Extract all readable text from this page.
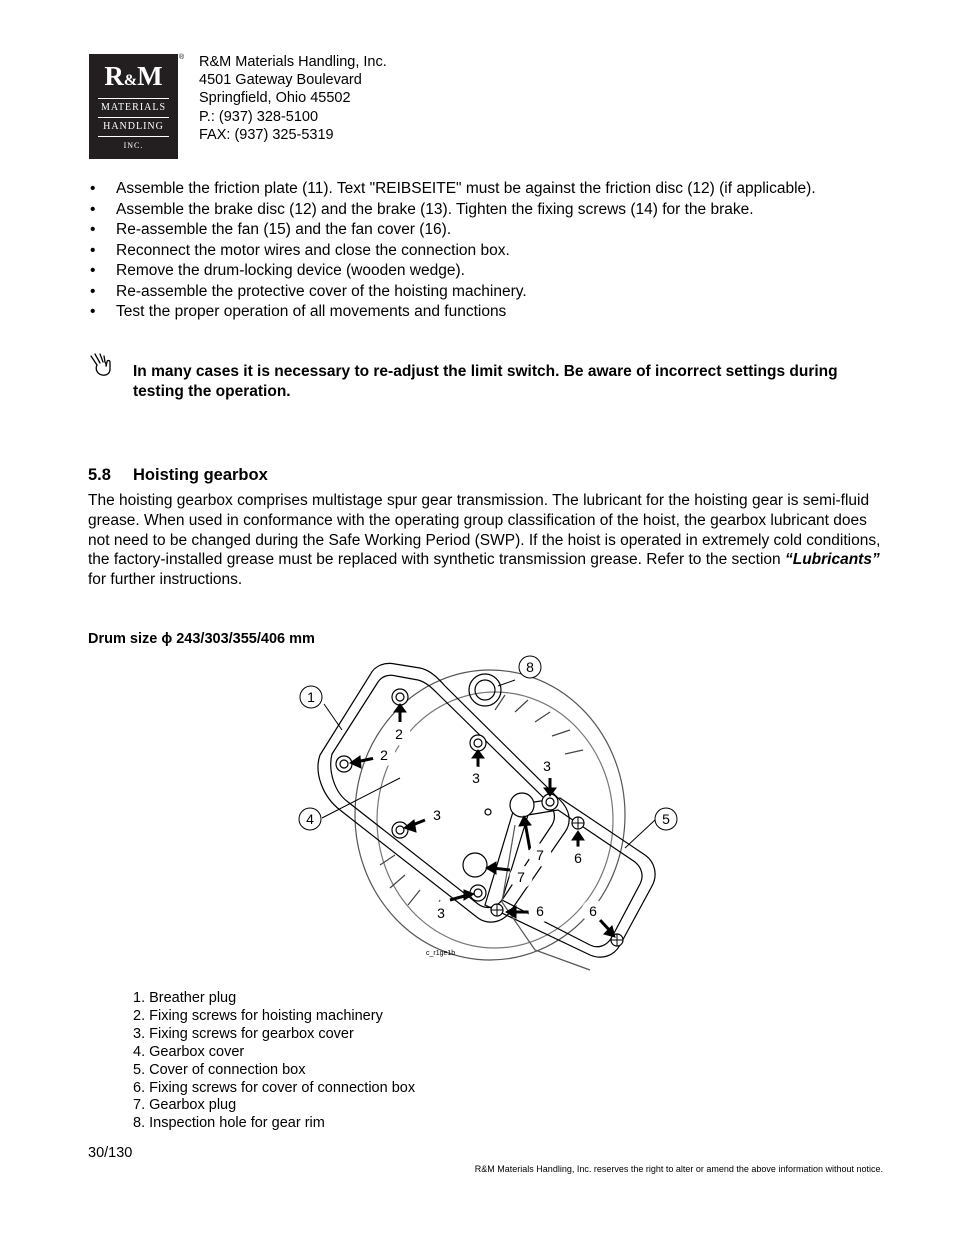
R&M
MATERIALS
HANDLING
INC.
® R&M Materials Handling, Inc.
4501 Gateway Boulevard
Springfield, Ohio 45502
P.: (937) 328-5100
FAX: (937) 325-5319
• Assemble the friction plate (11). Text "REIBSEITE" must be against the friction disc (12) (if applicable).
• Assemble the brake disc (12) and the brake (13). Tighten the fixing screws (14) for the brake.
• Re-assemble the fan (15) and the fan cover (16).
• Reconnect the motor wires and close the connection box.
• Remove the drum-locking device (wooden wedge).
• Re-assemble the protective cover of the hoisting machinery.
• Test the proper operation of all movements and functions
In many cases it is necessary to re-adjust the limit switch. Be aware of incorrect settings during testing the operation.
5.8 Hoisting gearbox
The hoisting gearbox comprises multistage spur gear transmission. The lubricant for the hoisting gear is semi-fluid grease. When used in conformance with the operating group classification of the hoist, the gearbox lubricant does not need to be changed during the Safe Working Period (SWP). If the hoist is operated in extremely cold conditions, the factory-installed grease must be replaced with synthetic transmission grease. Refer to the section “Lubricants” for further instructions.
Drum size ϕ 243/303/355/406 mm
1
2
2
3
3
3
3
4	5
6
6	6
7
7
8
c_r1ge1b
1. Breather plug
2. Fixing screws for hoisting machinery
3. Fixing screws for gearbox cover
4. Gearbox cover
5. Cover of connection box
6. Fixing screws for cover of connection box
7. Gearbox plug
8. Inspection hole for gear rim
30/130
R&M Materials Handling, Inc. reserves the right to alter or amend the above information without notice.
